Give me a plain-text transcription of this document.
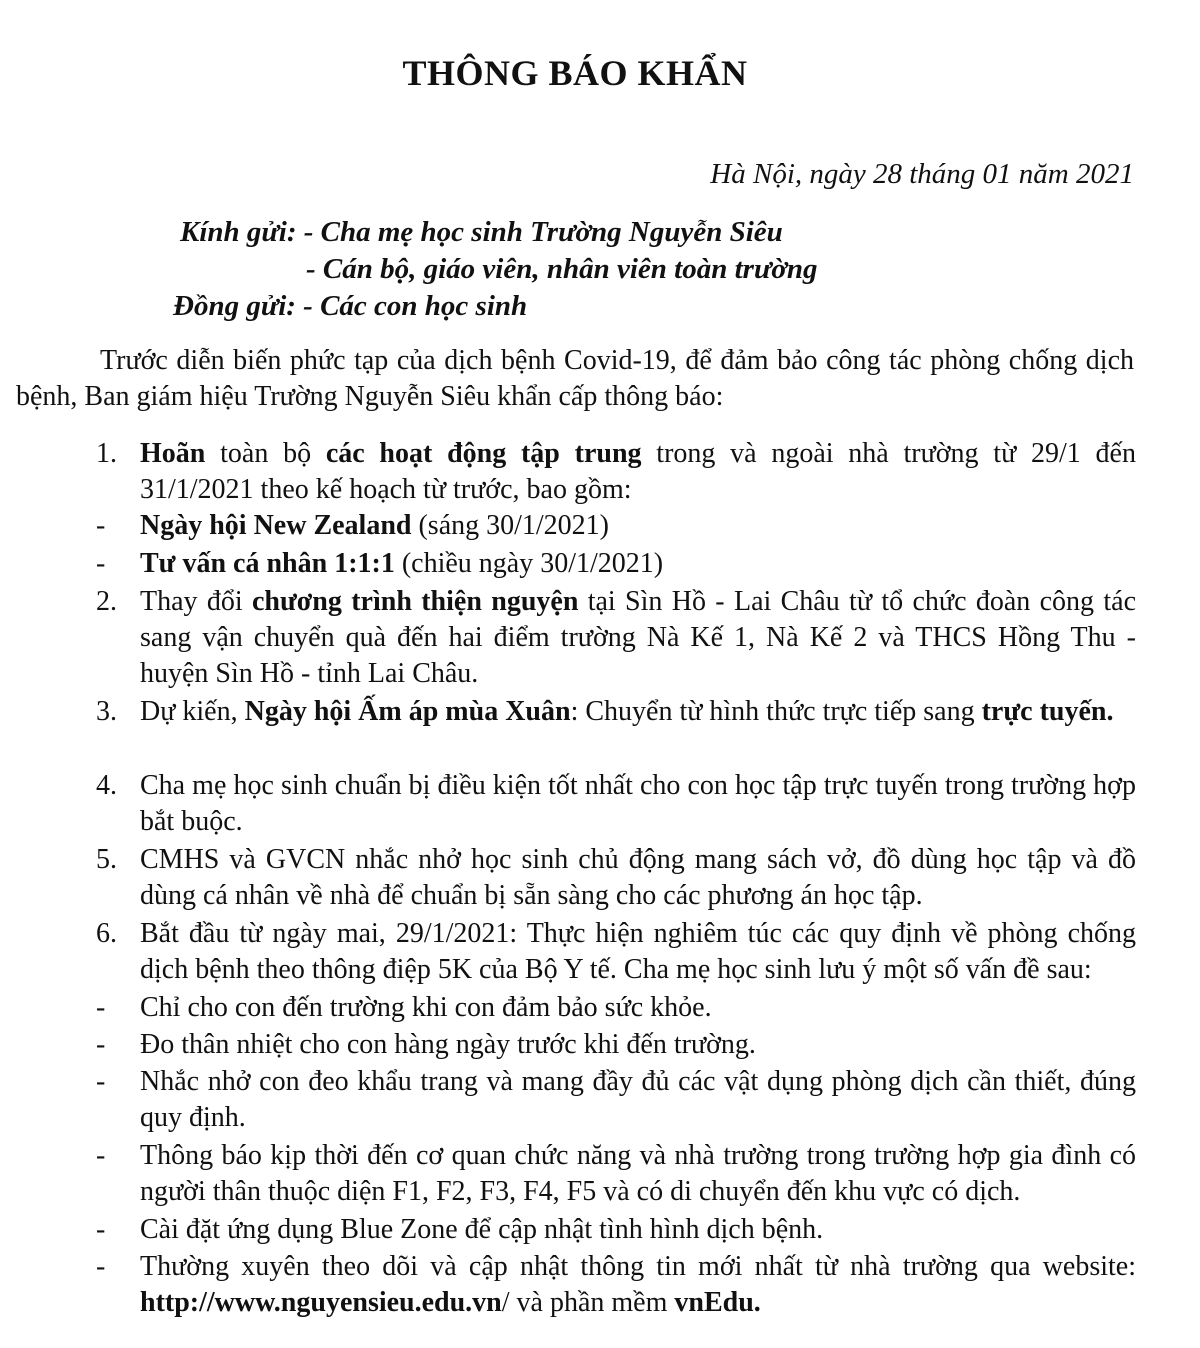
THÔNG BÁO KHẨN
Hà Nội, ngày 28 tháng 01 năm 2021
Kính gửi: - Cha mẹ học sinh Trường Nguyễn Siêu
- Cán bộ, giáo viên, nhân viên toàn trường
Đồng gửi: - Các con học sinh
Trước diễn biến phức tạp của dịch bệnh Covid-19, để đảm bảo công tác phòng chống dịch bệnh, Ban giám hiệu Trường Nguyễn Siêu khẩn cấp thông báo:
1. Hoãn toàn bộ các hoạt động tập trung trong và ngoài nhà trường từ 29/1 đến 31/1/2021 theo kế hoạch từ trước, bao gồm:
-	Ngày hội New Zealand (sáng 30/1/2021)
-	Tư vấn cá nhân 1:1:1 (chiều ngày 30/1/2021)
2. Thay đổi chương trình thiện nguyện tại Sìn Hồ - Lai Châu từ tổ chức đoàn công tác sang vận chuyển quà đến hai điểm trường Nà Kế 1, Nà Kế 2 và THCS Hồng Thu - huyện Sìn Hồ - tỉnh Lai Châu.
3. Dự kiến, Ngày hội Ấm áp mùa Xuân: Chuyển từ hình thức trực tiếp sang trực tuyến.
4. Cha mẹ học sinh chuẩn bị điều kiện tốt nhất cho con học tập trực tuyến trong trường hợp bắt buộc.
5. CMHS và GVCN nhắc nhở học sinh chủ động mang sách vở, đồ dùng học tập và đồ dùng cá nhân về nhà để chuẩn bị sẵn sàng cho các phương án học tập.
6. Bắt đầu từ ngày mai, 29/1/2021: Thực hiện nghiêm túc các quy định về phòng chống dịch bệnh theo thông điệp 5K của Bộ Y tế. Cha mẹ học sinh lưu ý một số vấn đề sau:
-	Chỉ cho con đến trường khi con đảm bảo sức khỏe.
-	Đo thân nhiệt cho con hàng ngày trước khi đến trường.
-	Nhắc nhở con đeo khẩu trang và mang đầy đủ các vật dụng phòng dịch cần thiết, đúng quy định.
-	Thông báo kịp thời đến cơ quan chức năng và nhà trường trong trường hợp gia đình có người thân thuộc diện F1, F2, F3, F4, F5 và có di chuyển đến khu vực có dịch.
-	Cài đặt ứng dụng Blue Zone để cập nhật tình hình dịch bệnh.
-	Thường xuyên theo dõi và cập nhật thông tin mới nhất từ nhà trường qua website: http://www.nguyensieu.edu.vn/ và phần mềm vnEdu.
